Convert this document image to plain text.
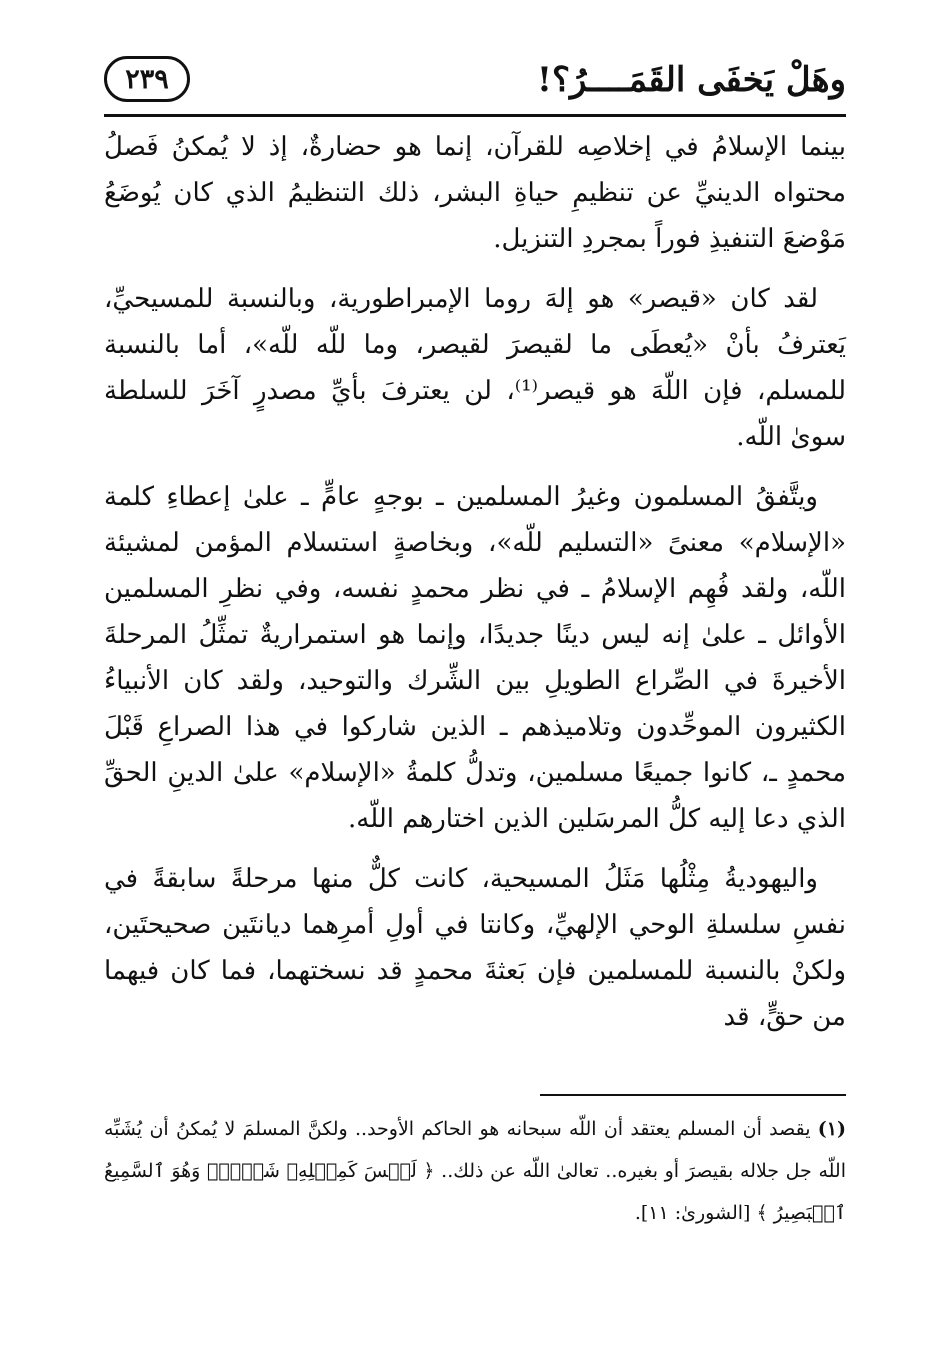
وهَلْ يَخفَى القَمَــــرُ؟!
٢٣٩

بينما الإسلامُ في إخلاصِه للقرآن، إنما هو حضارةٌ، إذ لا يُمكنُ فَصلُ محتواه الدينيِّ عن تنظيمِ حياةِ البشر، ذلك التنظيمُ الذي كان يُوضَعُ مَوْضعَ التنفيذِ فوراً بمجردِ التنزيل.

لقد كان «قيصر» هو إلهَ روما الإمبراطورية، وبالنسبة للمسيحيِّ، يَعترفُ بأنْ «يُعطَى ما لقيصرَ لقيصر، وما للّه للّه»، أما بالنسبة للمسلم، فإن اللّهَ هو قيصر⁽¹⁾، لن يعترفَ بأيِّ مصدرٍ آخَرَ للسلطة سوىٰ اللّه.

ويتَّفقُ المسلمون وغيرُ المسلمين ـ بوجهٍ عامٍّ ـ علىٰ إعطاءِ كلمة «الإسلام» معنىً «التسليم للّه»، وبخاصةٍ استسلام المؤمن لمشيئة اللّه، ولقد فُهِم الإسلامُ ـ في نظر محمدٍ نفسه، وفي نظرِ المسلمين الأوائل ـ علىٰ إنه ليس دينًا جديدًا، وإنما هو استمراريةٌ تمثِّلُ المرحلةَ الأخيرةَ في الصِّراع الطويلِ بين الشِّرك والتوحيد، ولقد كان الأنبياءُ الكثيرون الموحِّدون وتلاميذهم ـ الذين شاركوا في هذا الصراعِ قَبْلَ محمدٍ ـ، كانوا جميعًا مسلمين، وتدلُّ كلمةُ «الإسلام» علىٰ الدينِ الحقِّ الذي دعا إليه كلُّ المرسَلين الذين اختارهم اللّه.

واليهوديةُ مِثْلُها مَثَلُ المسيحية، كانت كلٌّ منها مرحلةً سابقةً في نفسِ سلسلةِ الوحي الإلهيِّ، وكانتا في أولِ أمرِهما ديانتَين صحيحتَين، ولكنْ بالنسبة للمسلمين فإن بَعثةَ محمدٍ قد نسختهما، فما كان فيهما من حقٍّ، قد

(١) يقصد أن المسلم يعتقد أن اللّه سبحانه هو الحاكم الأوحد.. ولكنَّ المسلمَ لا يُمكنُ أن يُشَبِّه اللّه جل جلاله بقيصرَ أو بغيره.. تعالىٰ اللّه عن ذلك.. ﴿ لَيۡسَ كَمِثۡلِهِۦ شَيۡءٞۖ وَهُوَ ٱلسَّمِيعُ ٱلۡبَصِيرُ ﴾ [الشورىٰ: ١١].
